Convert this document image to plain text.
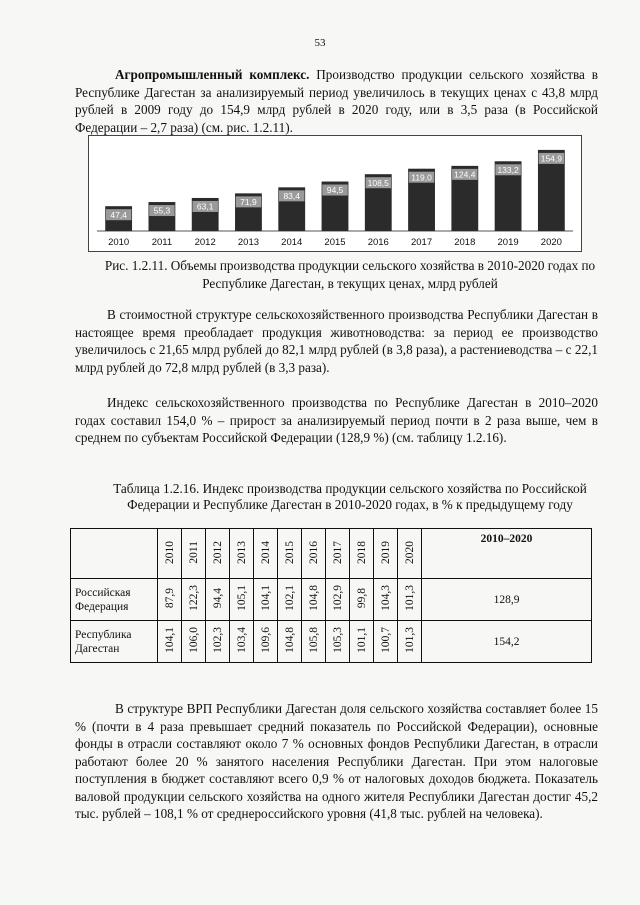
53

Агропромышленный комплекс. Производство продукции сельского хозяйства в Республике Дагестан за анализируемый период увеличилось в текущих ценах с 43,8 млрд рублей в 2009 году до 154,9 млрд рублей в 2020 году, или в 3,5 раза (в Российской Федерации – 2,7 раза) (см. рис. 1.2.11).

47,4
2010
55,3
2011
63,1
2012
71,9
2013
83,4
2014
94,5
2015
108,5
2016
119,0
2017
124,4
2018
133,2
2019
154,9
2020

Рис. 1.2.11. Объемы производства продукции сельского хозяйства в 2010-2020 годах по Республике Дагестан, в текущих ценах, млрд рублей

В стоимостной структуре сельскохозяйственного производства Республики Дагестан в настоящее время преобладает продукция животноводства: за период ее производство увеличилось с 21,65 млрд рублей до 82,1 млрд рублей (в 3,8 раза), а растениеводства – с 22,1 млрд рублей до 72,8 млрд рублей (в 3,3 раза).

Индекс сельскохозяйственного производства по Республике Дагестан в 2010–2020 годах составил 154,0 % – прирост за анализируемый период почти в 2 раза выше, чем в среднем по субъектам Российской Федерации (128,9 %) (см. таблицу 1.2.16).

Таблица 1.2.16. Индекс производства продукции сельского хозяйства по Российской Федерации и Республике Дагестан в 2010-2020 годах, в % к предыдущему году

	2010	2011	2012	2013	2014	2015	2016	2017	2018	2019	2020	2010–2020
Российская Федерация	87,9	122,3	94,4	105,1	104,1	102,1	104,8	102,9	99,8	104,3	101,3	128,9
Республика Дагестан	104,1	106,0	102,3	103,4	109,6	104,8	105,8	105,3	101,1	100,7	101,3	154,2

В структуре ВРП Республики Дагестан доля сельского хозяйства составляет более 15 % (почти в 4 раза превышает средний показатель по Российской Федерации), основные фонды в отрасли составляют около 7 % основных фондов Республики Дагестан, в отрасли работают более 20 % занятого населения Республики Дагестан. При этом налоговые поступления в бюджет составляют всего 0,9 % от налоговых доходов бюджета. Показатель валовой продукции сельского хозяйства на одного жителя Республики Дагестан достиг 45,2 тыс. рублей – 108,1 % от среднероссийского уровня (41,8 тыс. рублей на человека).
